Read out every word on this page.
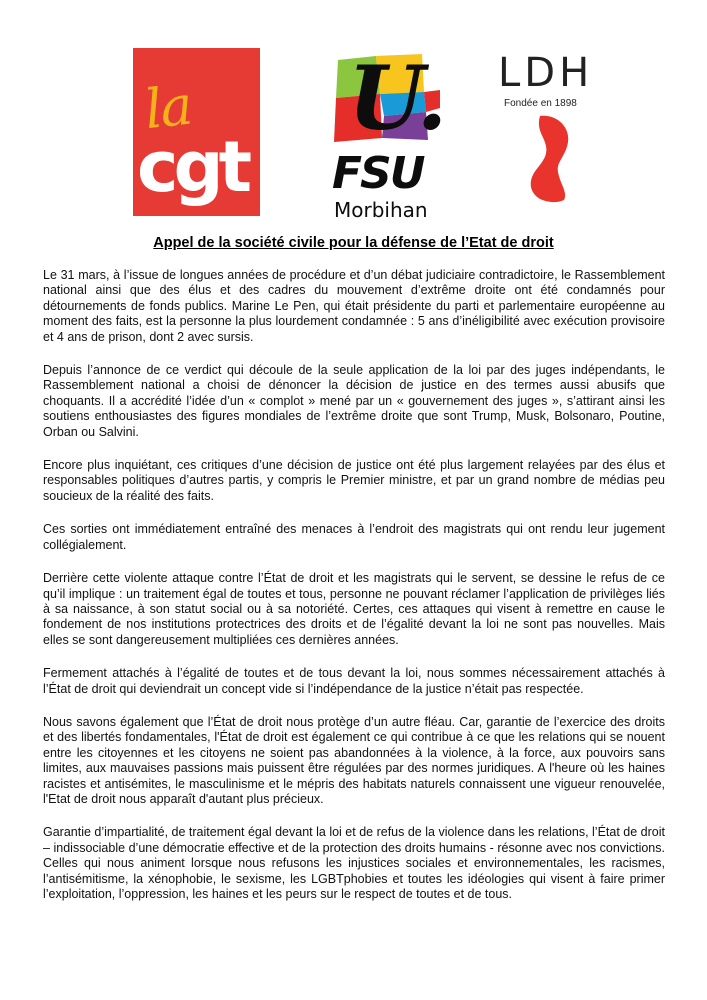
la
cgt
U.
FSU
Morbihan
LDH
Fondée en 1898
Appel de la société civile pour la défense de l’Etat de droit

Le 31 mars, à l’issue de longues années de procédure et d’un débat judiciaire contradictoire, le Rassemblement national ainsi que des élus et des cadres du mouvement d’extrême droite ont été condamnés pour détournements de fonds publics. Marine Le Pen, qui était présidente du parti et parlementaire européenne au moment des faits, est la personne la plus lourdement condamnée : 5 ans d’inéligibilité avec exécution provisoire et 4 ans de prison, dont 2 avec sursis.

Depuis l’annonce de ce verdict qui découle de la seule application de la loi par des juges indépendants, le Rassemblement national a choisi de dénoncer la décision de justice en des termes aussi abusifs que choquants. Il a accrédité l’idée d’un « complot » mené par un « gouvernement des juges », s’attirant ainsi les soutiens enthousiastes des figures mondiales de l’extrême droite que sont Trump, Musk, Bolsonaro, Poutine, Orban ou Salvini.

Encore plus inquiétant, ces critiques d’une décision de justice ont été plus largement relayées par des élus et responsables politiques d’autres partis, y compris le Premier ministre, et par un grand nombre de médias peu soucieux de la réalité des faits.

Ces sorties ont immédiatement entraîné des menaces à l’endroit des magistrats qui ont rendu leur jugement collégialement.

Derrière cette violente attaque contre l’État de droit et les magistrats qui le servent, se dessine le refus de ce qu’il implique : un traitement égal de toutes et tous, personne ne pouvant réclamer l’application de privilèges liés à sa naissance, à son statut social ou à sa notoriété. Certes, ces attaques qui visent à remettre en cause le fondement de nos institutions protectrices des droits et de l’égalité devant la loi ne sont pas nouvelles. Mais elles se sont dangereusement multipliées ces dernières années.

Fermement attachés à l’égalité de toutes et de tous devant la loi, nous sommes nécessairement attachés à l’État de droit qui deviendrait un concept vide si l’indépendance de la justice n’était pas respectée.

Nous savons également que l’État de droit nous protège d’un autre fléau. Car, garantie de l’exercice des droits et des libertés fondamentales, l'État de droit est également ce qui contribue à ce que les relations qui se nouent entre les citoyennes et les citoyens ne soient pas abandonnées à la violence, à la force, aux pouvoirs sans limites, aux mauvaises passions mais puissent être régulées par des normes juridiques. A l'heure où les haines racistes et antisémites, le masculinisme et le mépris des habitats naturels connaissent une vigueur renouvelée, l'Etat de droit nous apparaît d'autant plus précieux.

Garantie d’impartialité, de traitement égal devant la loi et de refus de la violence dans les relations, l’État de droit – indissociable d’une démocratie effective et de la protection des droits humains - résonne avec nos convictions. Celles qui nous animent lorsque nous refusons les injustices sociales et environnementales, les racismes, l’antisémitisme, la xénophobie, le sexisme, les LGBTphobies et toutes les idéologies qui visent à faire primer l’exploitation, l’oppression, les haines et les peurs sur le respect de toutes et de tous.
